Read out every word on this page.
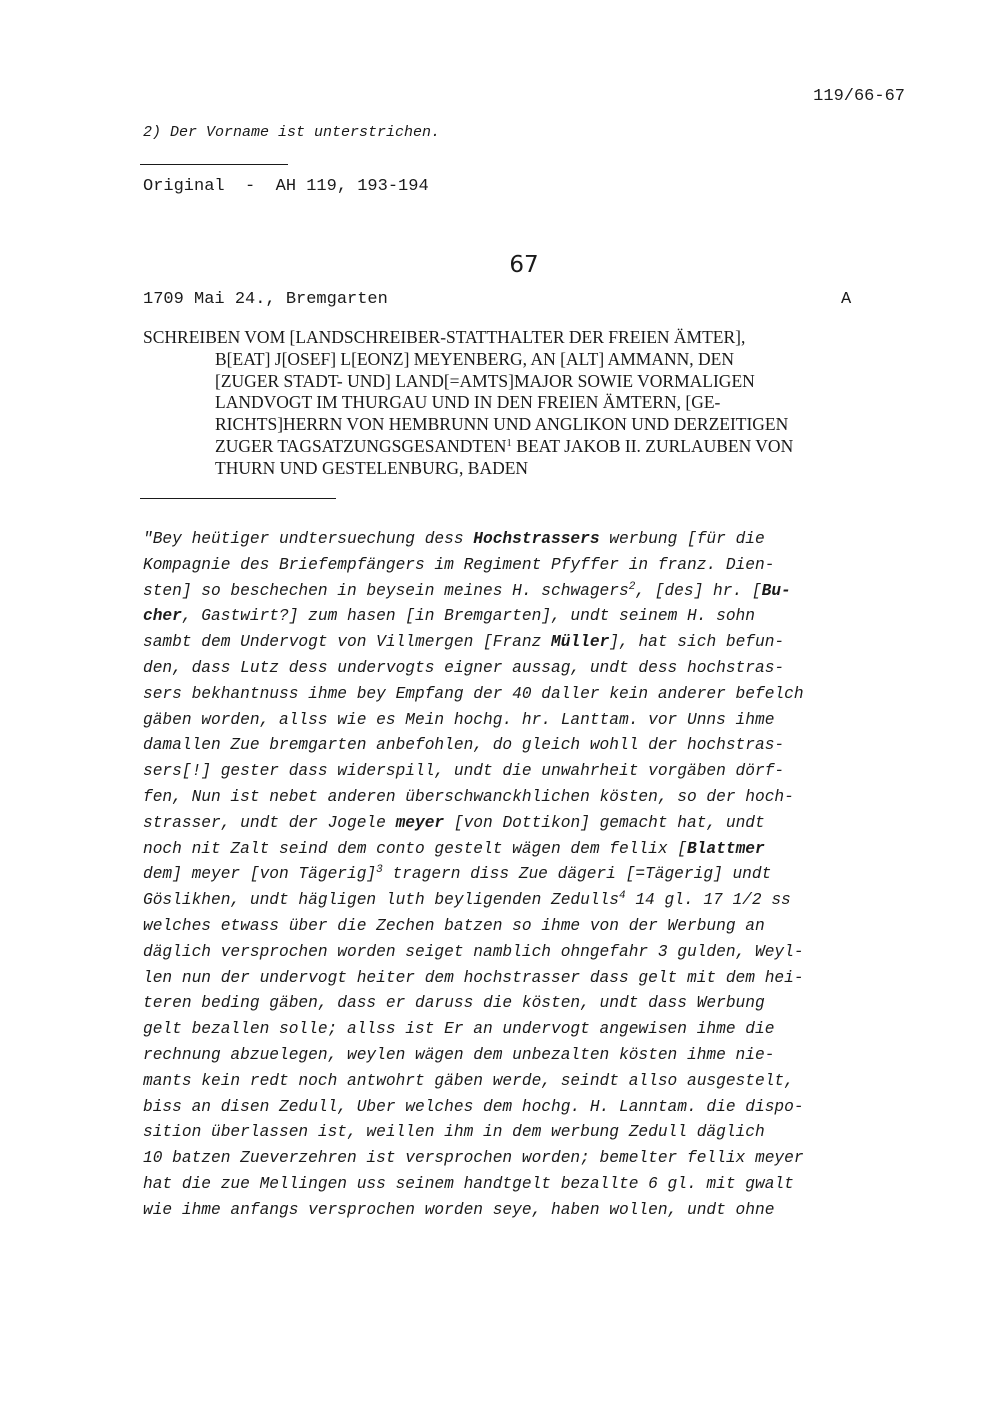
119/66-67
2) Der Vorname ist unterstrichen.
Original  -  AH 119, 193-194
67
1709 Mai 24., Bremgarten	A
SCHREIBEN VOM [LANDSCHREIBER-STATTHALTER DER FREIEN ÄMTER],
B[EAT] J[OSEF] L[EONZ] MEYENBERG, AN [ALT] AMMANN, DEN
[ZUGER STADT- UND] LAND[=AMTS]MAJOR SOWIE VORMALIGEN
LANDVOGT IM THURGAU UND IN DEN FREIEN ÄMTERN, [GE-
RICHTS]HERRN VON HEMBRUNN UND ANGLIKON UND DERZEITIGEN
ZUGER TAGSATZUNGSGESANDTEN$^1$ BEAT JAKOB II. ZURLAUBEN VON
THURN UND GESTELENBURG, BADEN
"Bey heütiger undtersuechung dess Hochstrassers werbung [für die
Kompagnie des Briefempfängers im Regiment Pfyffer in franz. Dien-
sten] so beschechen in beysein meines H. schwagers$^2$, [des] hr. [Bu-
cher, Gastwirt?] zum hasen [in Bremgarten], undt seinem H. sohn
sambt dem Undervogt von Villmergen [Franz Müller], hat sich befun-
den, dass Lutz dess undervogts eigner aussag, undt dess hochstras-
sers bekhantnuss ihme bey Empfang der 40 daller kein anderer befelch
gäben worden, allss wie es Mein hochg. hr. Lanttam. vor Unns ihme
damallen Zue bremgarten anbefohlen, do gleich wohll der hochstras-
sers[!] gester dass widerspill, undt die unwahrheit vorgäben dörf-
fen, Nun ist nebet anderen überschwanckhlichen kösten, so der hoch-
strasser, undt der Jogele meyer [von Dottikon] gemacht hat, undt
noch nit Zalt seind dem conto gestelt wägen dem fellix [Blattmer
dem] meyer [von Tägerig]$^3$ tragern diss Zue dägeri [=Tägerig] undt
Göslikhen, undt hägligen luth beyligenden Zedulls$^4$ 14 gl. 17 1/2 ss
welches etwass über die Zechen batzen so ihme von der Werbung an
däglich versprochen worden seiget namblich ohngefahr 3 gulden, Weyl-
len nun der undervogt heiter dem hochstrasser dass gelt mit dem hei-
teren beding gäben, dass er daruss die kösten, undt dass Werbung
gelt bezallen solle; allss ist Er an undervogt angewisen ihme die
rechnung abzuelegen, weylen wägen dem unbezalten kösten ihme nie-
mants kein redt noch antwohrt gäben werde, seindt allso ausgestelt,
biss an disen Zedull, Uber welches dem hochg. H. Lanntam. die dispo-
sition überlassen ist, weillen ihm in dem werbung Zedull däglich
10 batzen Zueverzehren ist versprochen worden; bemelter fellix meyer
hat die zue Mellingen uss seinem handtgelt bezallte 6 gl. mit gwalt
wie ihme anfangs versprochen worden seye, haben wollen, undt ohne
